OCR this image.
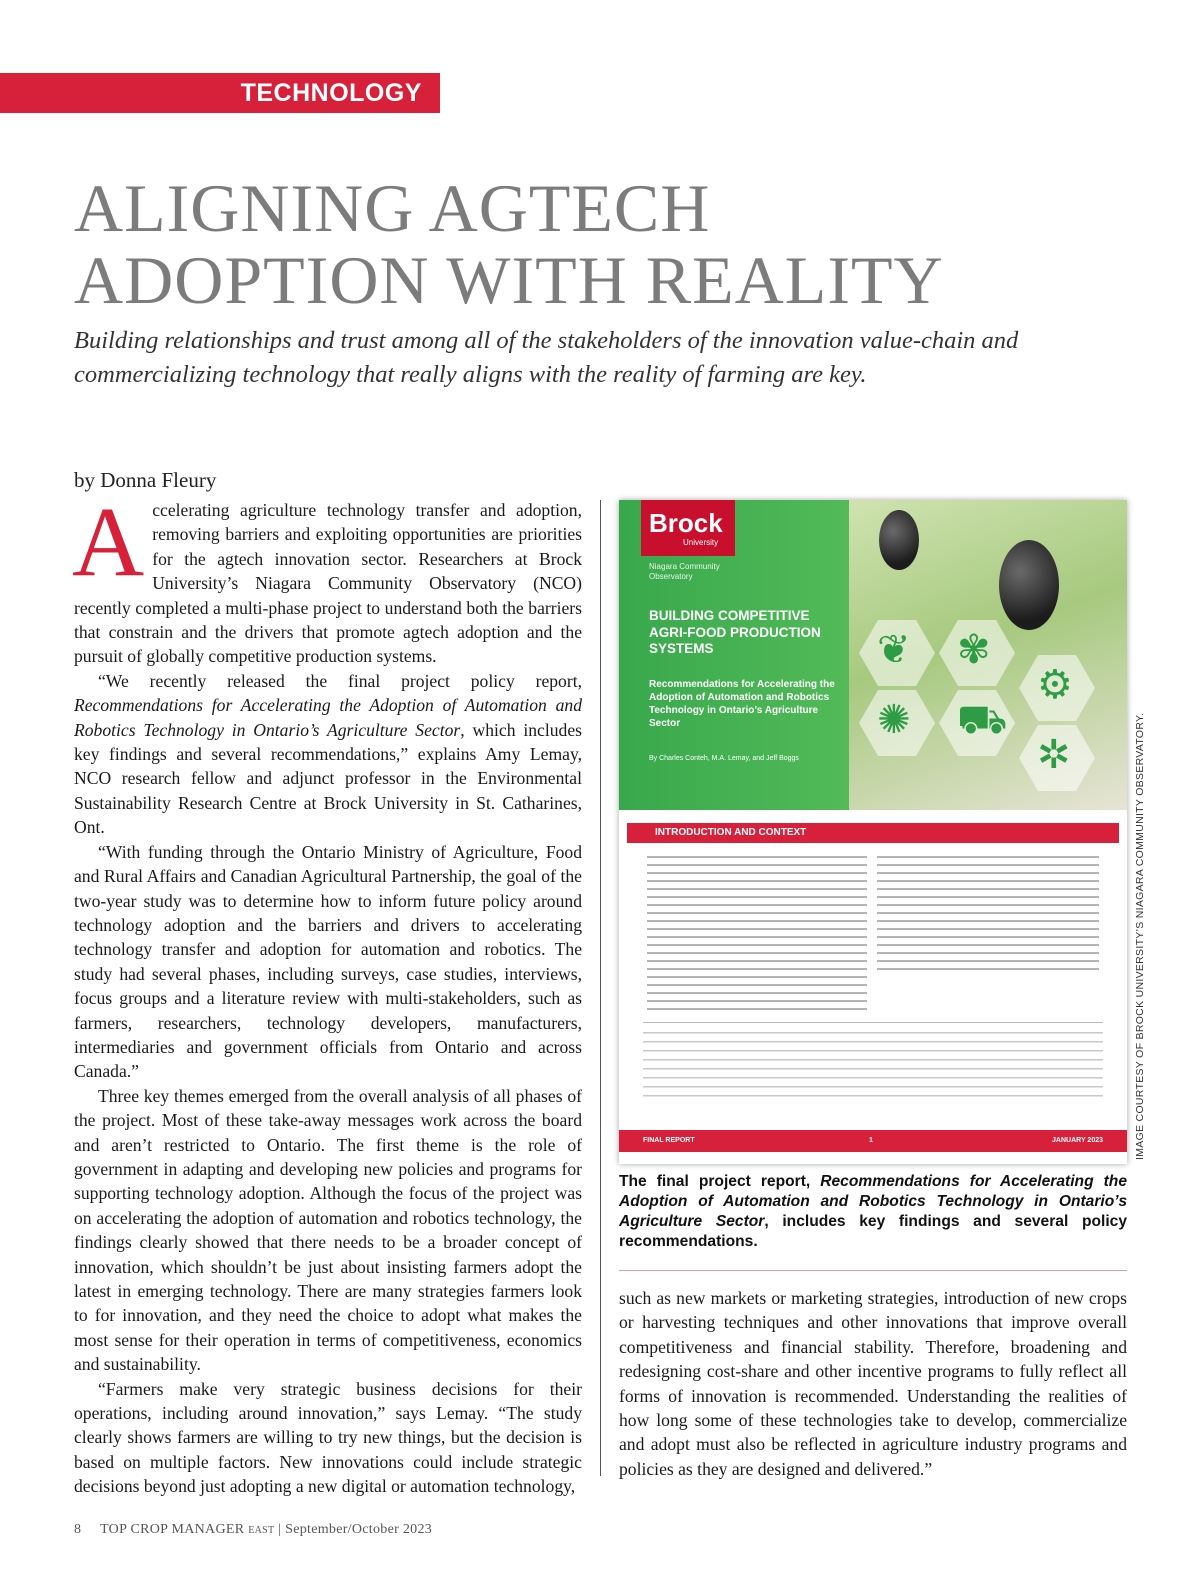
TECHNOLOGY
ALIGNING AGTECH
ADOPTION WITH REALITY
Building relationships and trust among all of the stakeholders of the innovation value-chain and commercializing technology that really aligns with the reality of farming are key.
by Donna Fleury

Accelerating agriculture technology transfer and adoption, removing barriers and exploiting opportunities are priorities for the agtech innovation sector. Researchers at Brock University’s Niagara Community Observatory (NCO) recently completed a multi-phase project to understand both the barriers that constrain and the drivers that promote agtech adoption and the pursuit of globally competitive production systems.

“We recently released the final project policy report, Recommendations for Accelerating the Adoption of Automation and Robotics Technology in Ontario’s Agriculture Sector, which includes key findings and several recommendations,” explains Amy Lemay, NCO research fellow and adjunct professor in the Environmental Sustainability Research Centre at Brock University in St. Catharines, Ont.

“With funding through the Ontario Ministry of Agriculture, Food and Rural Affairs and Canadian Agricultural Partnership, the goal of the two-year study was to determine how to inform future policy around technology adoption and the barriers and drivers to accelerating technology transfer and adoption for automation and robotics. The study had several phases, including surveys, case studies, interviews, focus groups and a literature review with multi-stakeholders, such as farmers, researchers, technology developers, manufacturers, intermediaries and government officials from Ontario and across Canada.”

Three key themes emerged from the overall analysis of all phases of the project. Most of these take-away messages work across the board and aren’t restricted to Ontario. The first theme is the role of government in adapting and developing new policies and programs for supporting technology adoption. Although the focus of the project was on accelerating the adoption of automation and robotics technology, the findings clearly showed that there needs to be a broader concept of innovation, which shouldn’t be just about insisting farmers adopt the latest in emerging technology. There are many strategies farmers look to for innovation, and they need the choice to adopt what makes the most sense for their operation in terms of competitiveness, economics and sustainability.

“Farmers make very strategic business decisions for their operations, including around innovation,” says Lemay. “The study clearly shows farmers are willing to try new things, but the decision is based on multiple factors. New innovations could include strategic decisions beyond just adopting a new digital or automation technology,

❦ ✾
✺ ⛟
⚙
✲
Brock
University
Niagara Community Observatory
BUILDING COMPETITIVE AGRI-FOOD PRODUCTION SYSTEMS
Recommendations for Accelerating the Adoption of Automation and Robotics Technology in Ontario’s Agriculture Sector
By Charles Conteh, M.A. Lemay, and Jeff Boggs
INTRODUCTION AND CONTEXT
FINAL REPORT	1	JANUARY 2023	IMAGE COURTESY OF BROCK UNIVERSITY’S NIAGARA COMMUNITY OBSERVATORY.
The final project report, Recommendations for Accelerating the Adoption of Automation and Robotics Technology in Ontario’s Agriculture Sector, includes key findings and several policy recommendations.

such as new markets or marketing strategies, introduction of new crops or harvesting techniques and other innovations that improve overall competitiveness and financial stability. Therefore, broadening and redesigning cost-share and other incentive programs to fully reflect all forms of innovation is recommended. Understanding the realities of how long some of these technologies take to develop, commercialize and adopt must also be reflected in agriculture industry programs and policies as they are designed and delivered.”

8 TOP CROP MANAGER EAST | September/October 2023
